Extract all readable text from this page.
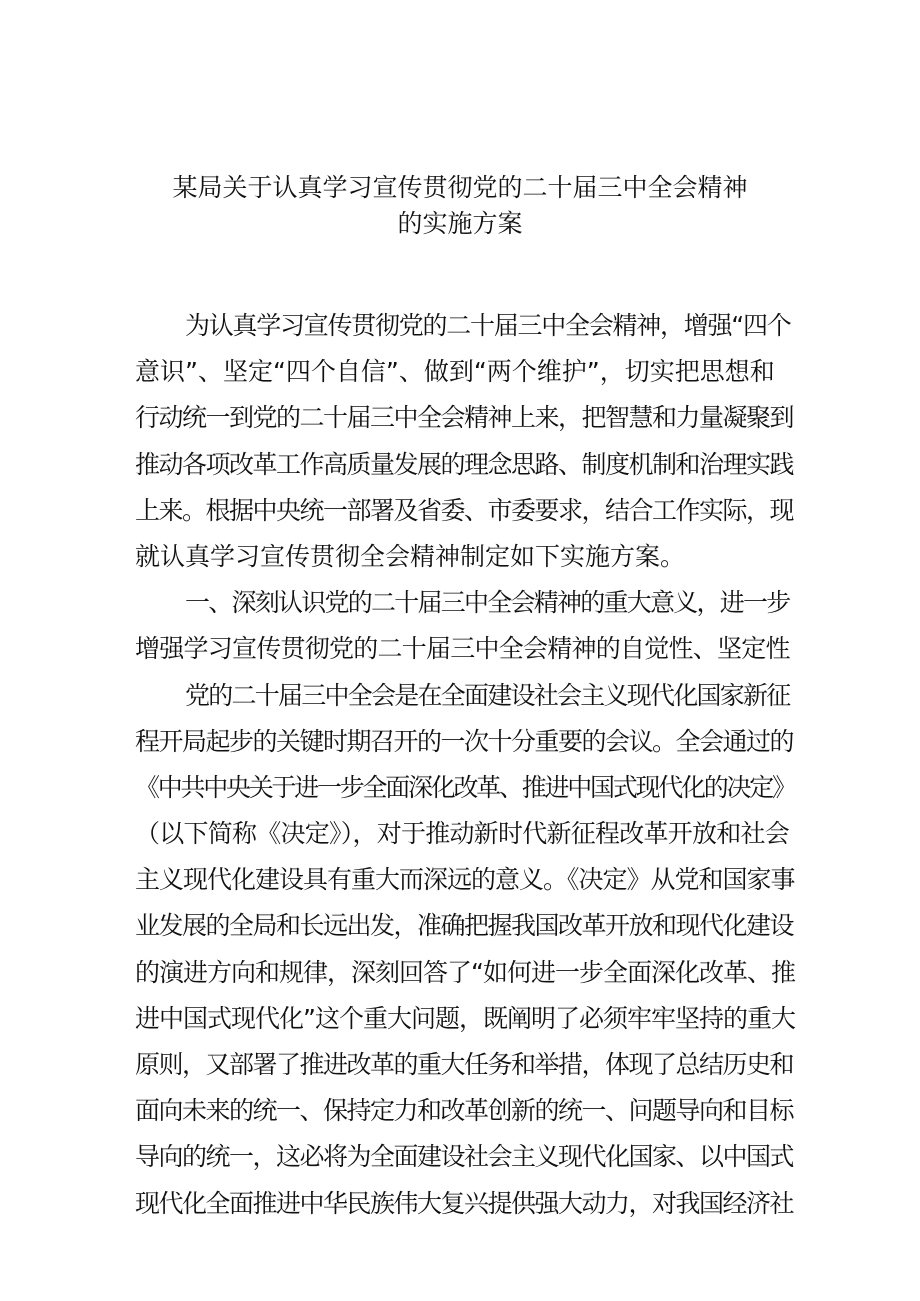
某局关于认真学习宣传贯彻党的二十届三中全会精神
的实施方案
为认真学习宣传贯彻党的二十届三中全会精神，增强“四个
意识”、坚定“四个自信”、做到“两个维护”，切实把思想和
行动统一到党的二十届三中全会精神上来，把智慧和力量凝聚到
推动各项改革工作高质量发展的理念思路、制度机制和治理实践
上来。根据中央统一部署及省委、市委要求，结合工作实际，现
就认真学习宣传贯彻全会精神制定如下实施方案。
一、深刻认识党的二十届三中全会精神的重大意义，进一步
增强学习宣传贯彻党的二十届三中全会精神的自觉性、坚定性
党的二十届三中全会是在全面建设社会主义现代化国家新征
程开局起步的关键时期召开的一次十分重要的会议。全会通过的
《中共中央关于进一步全面深化改革、推进中国式现代化的决定》
（以下简称《决定》），对于推动新时代新征程改革开放和社会
主义现代化建设具有重大而深远的意义。《决定》从党和国家事
业发展的全局和长远出发，准确把握我国改革开放和现代化建设
的演进方向和规律，深刻回答了“如何进一步全面深化改革、推
进中国式现代化”这个重大问题，既阐明了必须牢牢坚持的重大
原则，又部署了推进改革的重大任务和举措，体现了总结历史和
面向未来的统一、保持定力和改革创新的统一、问题导向和目标
导向的统一，这必将为全面建设社会主义现代化国家、以中国式
现代化全面推进中华民族伟大复兴提供强大动力，对我国经济社
